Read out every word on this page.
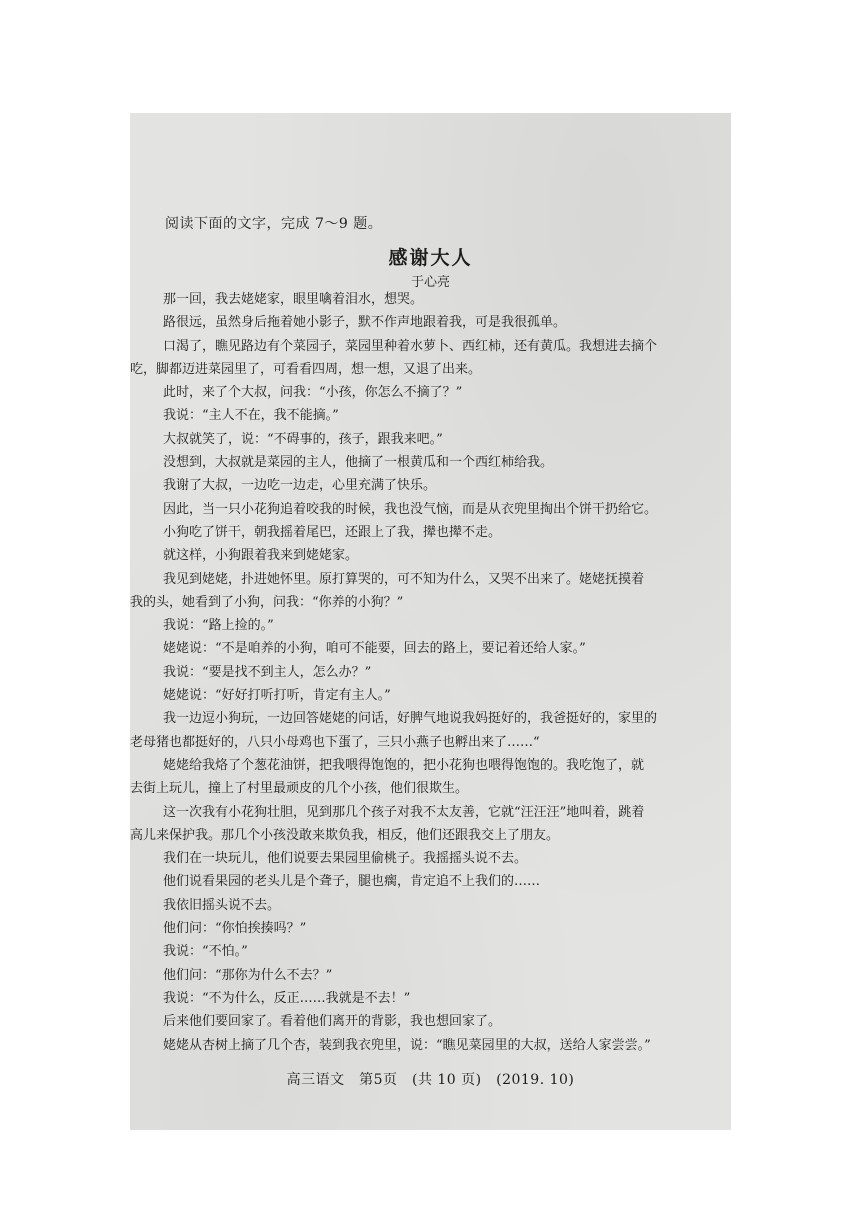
阅读下面的文字，完成 7～9 题。
感谢大人
于心亮
那一回，我去姥姥家，眼里噙着泪水，想哭。
路很远，虽然身后拖着她小影子，默不作声地跟着我，可是我很孤单。
口渴了，瞧见路边有个菜园子，菜园里种着水萝卜、西红柿，还有黄瓜。我想进去摘个
吃，脚都迈进菜园里了，可看看四周，想一想，又退了出来。
此时，来了个大叔，问我：“小孩，你怎么不摘了？”
我说：“主人不在，我不能摘。”
大叔就笑了，说：“不碍事的，孩子，跟我来吧。”
没想到，大叔就是菜园的主人，他摘了一根黄瓜和一个西红柿给我。
我谢了大叔，一边吃一边走，心里充满了快乐。
因此，当一只小花狗追着咬我的时候，我也没气恼，而是从衣兜里掏出个饼干扔给它。
小狗吃了饼干，朝我摇着尾巴，还跟上了我，撵也撵不走。
就这样，小狗跟着我来到姥姥家。
我见到姥姥，扑进她怀里。原打算哭的，可不知为什么，又哭不出来了。姥姥抚摸着
我的头，她看到了小狗，问我：“你养的小狗？”
我说：“路上捡的。”
姥姥说：“不是咱养的小狗，咱可不能要，回去的路上，要记着还给人家。”
我说：“要是找不到主人，怎么办？”
姥姥说：“好好打听打听，肯定有主人。”
我一边逗小狗玩，一边回答姥姥的问话，好脾气地说我妈挺好的，我爸挺好的，家里的
老母猪也都挺好的，八只小母鸡也下蛋了，三只小燕子也孵出来了……“
姥姥给我烙了个葱花油饼，把我喂得饱饱的，把小花狗也喂得饱饱的。我吃饱了，就
去街上玩儿，撞上了村里最顽皮的几个小孩，他们很欺生。
这一次我有小花狗壮胆，见到那几个孩子对我不太友善，它就“汪汪汪”地叫着，跳着
高儿来保护我。那几个小孩没敢来欺负我，相反，他们还跟我交上了朋友。
我们在一块玩儿，他们说要去果园里偷桃子。我摇摇头说不去。
他们说看果园的老头儿是个聋子，腿也瘸，肯定追不上我们的……
我依旧摇头说不去。
他们问：“你怕挨揍吗？”
我说：“不怕。”
他们问：“那你为什么不去？”
我说：“不为什么，反正……我就是不去！”
后来他们要回家了。看着他们离开的背影，我也想回家了。
姥姥从杏树上摘了几个杏，装到我衣兜里，说：“瞧见菜园里的大叔，送给人家尝尝。”
高三语文　第5页　(共 10 页)　(2019. 10)
